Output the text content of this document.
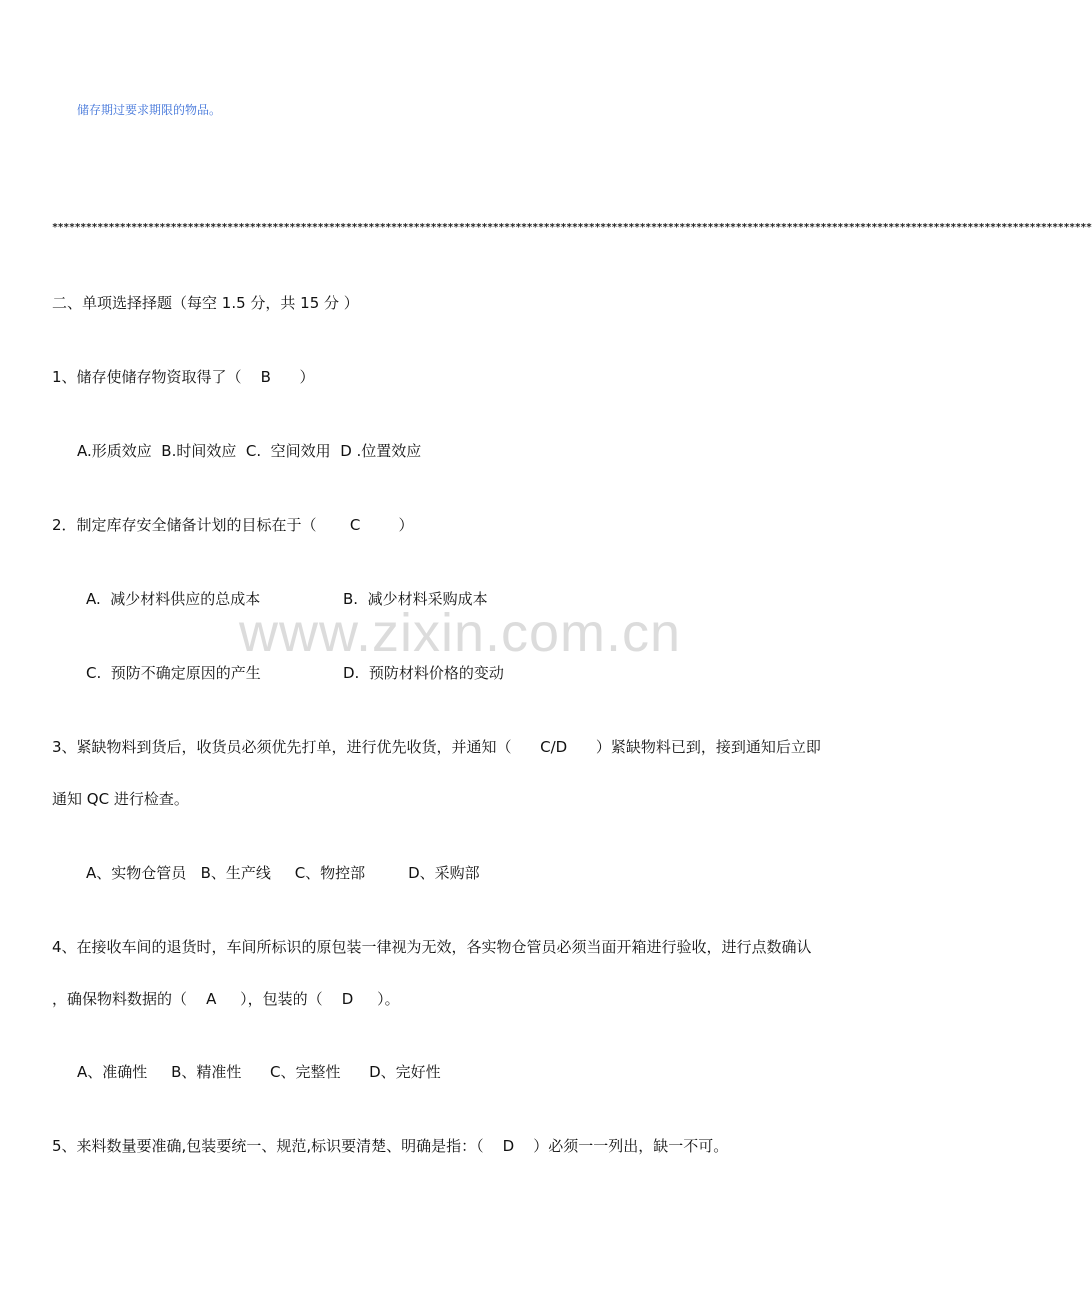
储存期过要求期限的物品。
****************************************************************************************************************************************************************************************
二、单项选择择题（每空 1.5 分，共 15 分 ）
1、储存使储存物资取得了（    B      ）
A.形质效应  B.时间效应  C.  空间效用  D .位置效应
2．制定库存安全储备计划的目标在于（       C        ）
A.  减少材料供应的总成本	B.  减少材料采购成本
www.zixin.com.cn
C.  预防不确定原因的产生	D.  预防材料价格的变动
3、紧缺物料到货后，收货员必须优先打单，进行优先收货，并通知（      C/D      ）紧缺物料已到，接到通知后立即
通知 QC 进行检查。
A、实物仓管员   B、生产线     C、物控部         D、采购部
4、在接收车间的退货时，车间所标识的原包装一律视为无效，各实物仓管员必须当面开箱进行验收，进行点数确认
，确保物料数据的（    A     ），包装的（    D     ）。
A、准确性     B、精准性      C、完整性      D、完好性
5、来料数量要准确,包装要统一、规范,标识要清楚、明确是指：（    D    ）必须一一列出，缺一不可。
